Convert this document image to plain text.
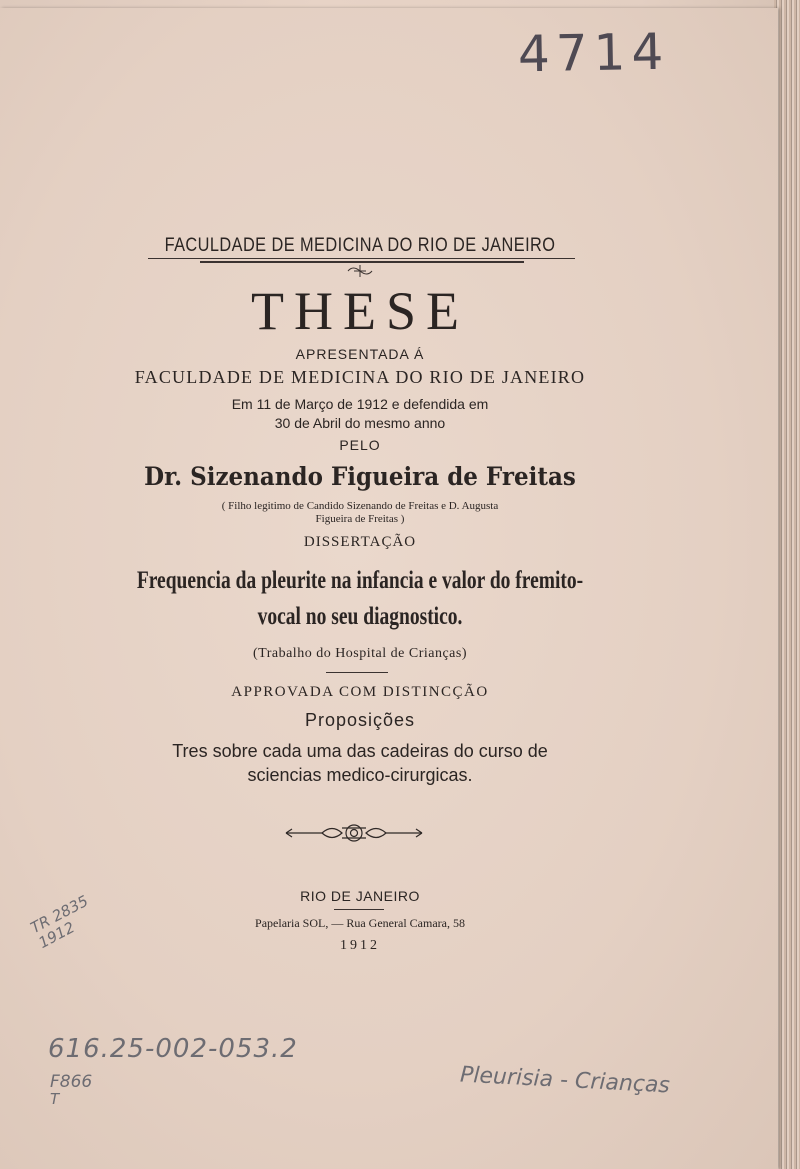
4714
FACULDADE DE MEDICINA DO RIO DE JANEIRO
THESE
APRESENTADA Á
FACULDADE DE MEDICINA DO RIO DE JANEIRO
Em 11 de Março de 1912 e defendida em
30 de Abril do mesmo anno
PELO
Dr. Sizenando Figueira de Freitas
( Filho legitimo de Candido Sizenando de Freitas e D. Augusta
Figueira de Freitas )
DISSERTAÇÃO
Frequencia da pleurite na infancia e valor do fremito-
vocal no seu diagnostico.
(Trabalho do Hospital de Crianças)
APPROVADA COM DISTINCÇÃO
Proposições
Tres sobre cada uma das cadeiras do curso de
sciencias medico-cirurgicas.
RIO DE JANEIRO
Papelaria SOL, — Rua General Camara, 58
1912
TR 2835
1912
616.25-002-053.2
F866
T
Pleurisia - Crianças
